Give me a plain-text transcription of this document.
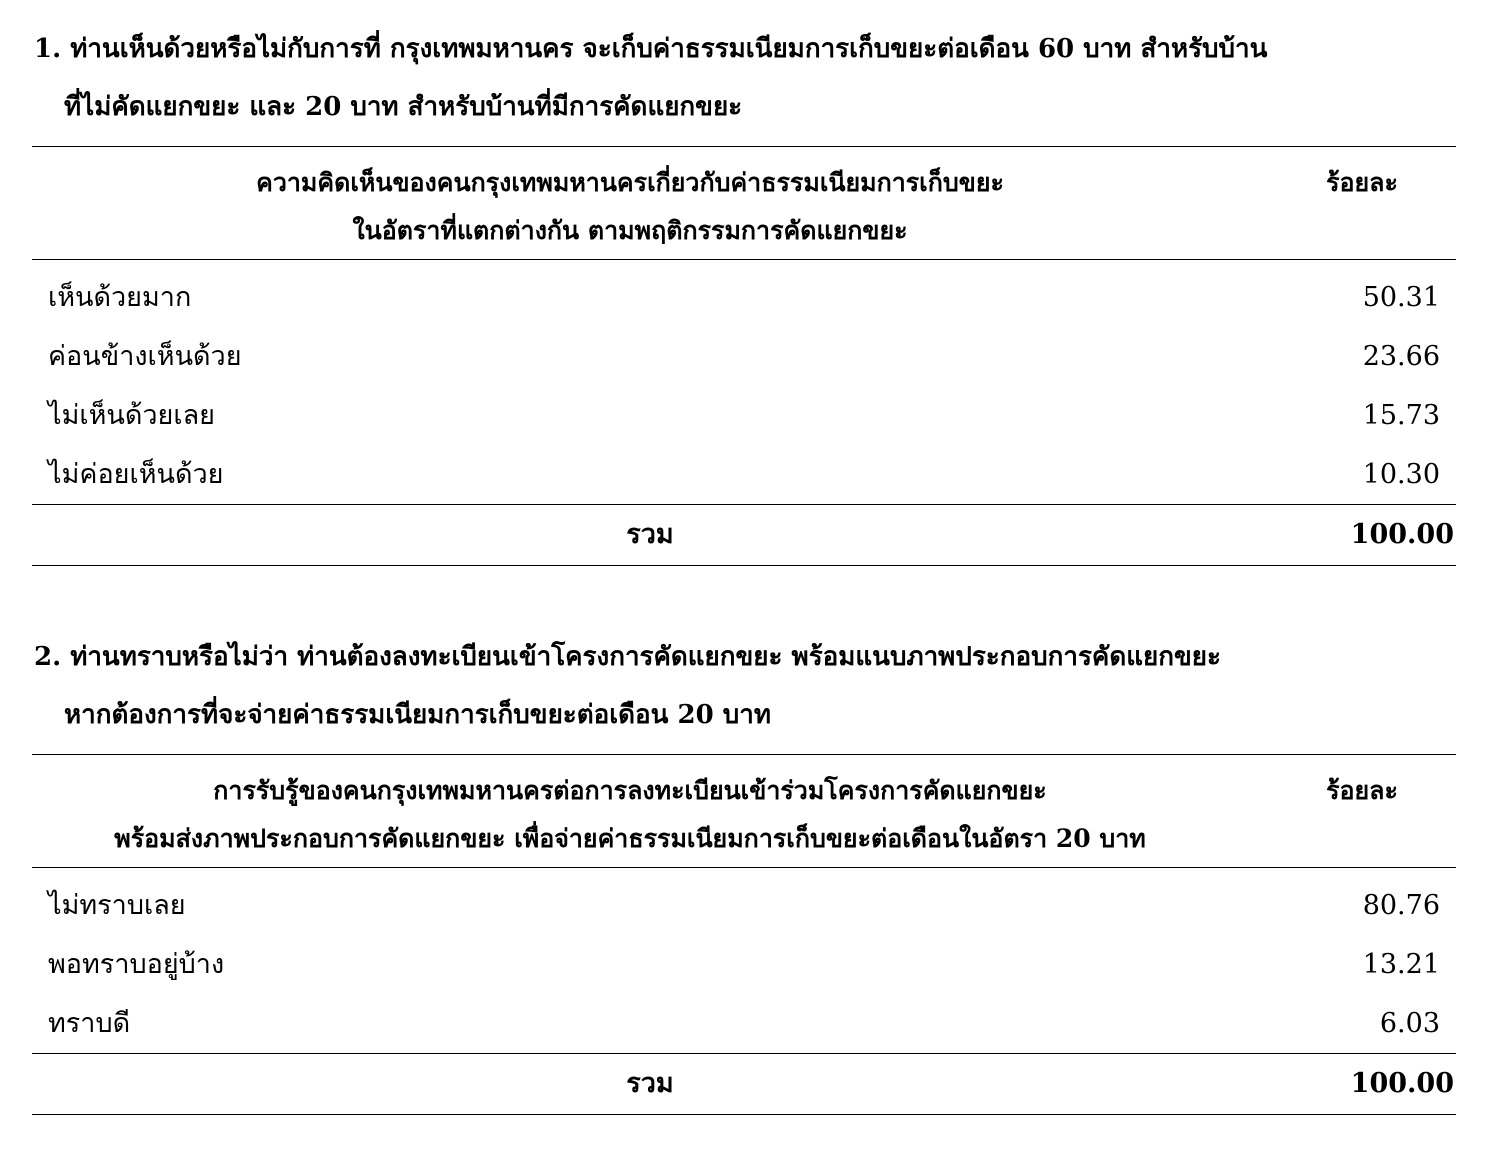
1. ท่านเห็นด้วยหรือไม่กับการที่ กรุงเทพมหานคร จะเก็บค่าธรรมเนียมการเก็บขยะต่อเดือน 60 บาท สำหรับบ้าน
ที่ไม่คัดแยกขยะ และ 20 บาท สำหรับบ้านที่มีการคัดแยกขยะ
ความคิดเห็นของคนกรุงเทพมหานครเกี่ยวกับค่าธรรมเนียมการเก็บขยะ
ในอัตราที่แตกต่างกัน ตามพฤติกรรมการคัดแยกขยะ	ร้อยละ
เห็นด้วยมาก	50.31
ค่อนข้างเห็นด้วย	23.66
ไม่เห็นด้วยเลย	15.73
ไม่ค่อยเห็นด้วย	10.30
รวม	100.00
2. ท่านทราบหรือไม่ว่า ท่านต้องลงทะเบียนเข้าโครงการคัดแยกขยะ พร้อมแนบภาพประกอบการคัดแยกขยะ
หากต้องการที่จะจ่ายค่าธรรมเนียมการเก็บขยะต่อเดือน 20 บาท
การรับรู้ของคนกรุงเทพมหานครต่อการลงทะเบียนเข้าร่วมโครงการคัดแยกขยะ
พร้อมส่งภาพประกอบการคัดแยกขยะ เพื่อจ่ายค่าธรรมเนียมการเก็บขยะต่อเดือนในอัตรา 20 บาท	ร้อยละ
ไม่ทราบเลย	80.76
พอทราบอยู่บ้าง	13.21
ทราบดี	6.03
รวม	100.00
